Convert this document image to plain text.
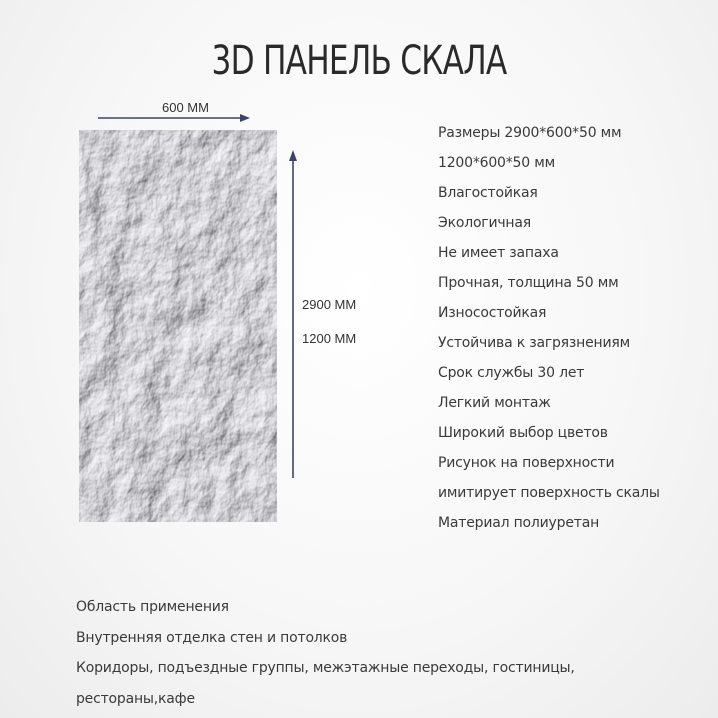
3D ПАНЕЛЬ СКАЛА
600 ММ
2900 ММ
1200 ММ
Размеры 2900*600*50 мм
1200*600*50 мм
Влагостойкая
Экологичная
Не имеет запаха
Прочная, толщина 50 мм
Износостойкая
Устойчива к загрязнениям
Срок службы 30 лет
Легкий монтаж
Широкий выбор цветов
Рисунок на поверхности
имитирует поверхность скалы
Материал полиуретан
Область применения
Внутренняя отделка стен и потолков
Коридоры, подъездные группы, межэтажные переходы, гостиницы,
рестораны,кафе
